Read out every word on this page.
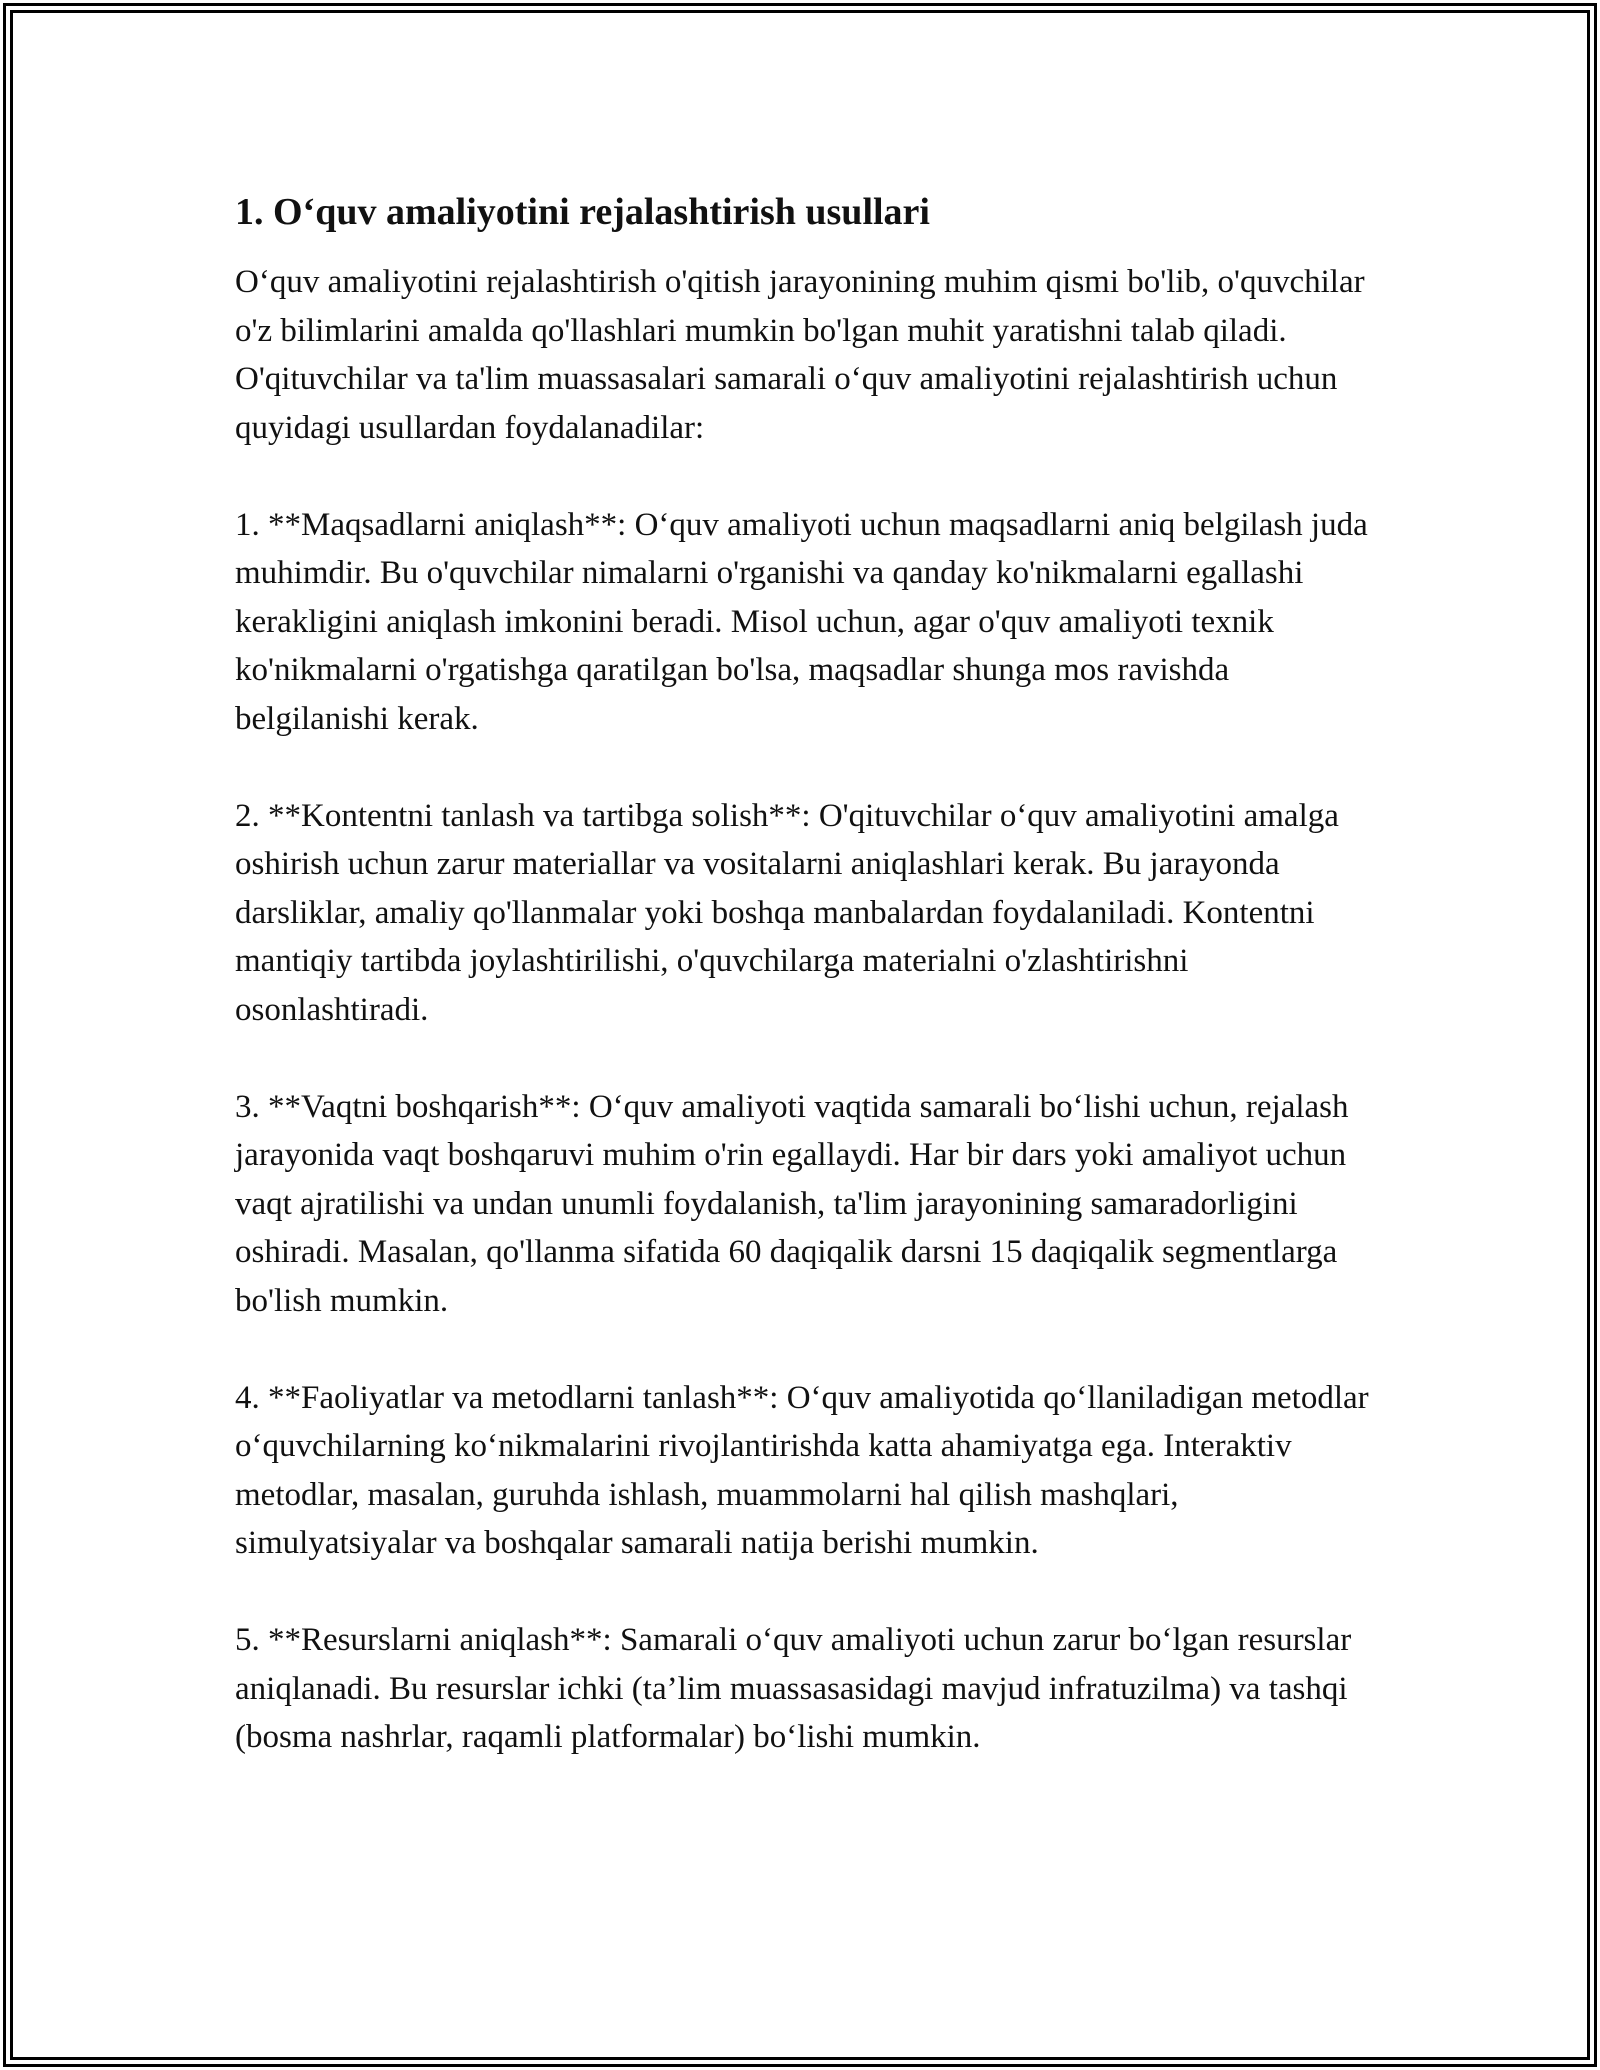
1. O‘quv amaliyotini rejalashtirish usullari

O‘quv amaliyotini rejalashtirish o'qitish jarayonining muhim qismi bo'lib, o'quvchilar o'z bilimlarini amalda qo'llashlari mumkin bo'lgan muhit yaratishni talab qiladi. O'qituvchilar va ta'lim muassasalari samarali o‘quv amaliyotini rejalashtirish uchun quyidagi usullardan foydalanadilar:

1. **Maqsadlarni aniqlash**: O‘quv amaliyoti uchun maqsadlarni aniq belgilash juda muhimdir. Bu o'quvchilar nimalarni o'rganishi va qanday ko'nikmalarni egallashi kerakligini aniqlash imkonini beradi. Misol uchun, agar o'quv amaliyoti texnik ko'nikmalarni o'rgatishga qaratilgan bo'lsa, maqsadlar shunga mos ravishda belgilanishi kerak.

2. **Kontentni tanlash va tartibga solish**: O'qituvchilar o‘quv amaliyotini amalga oshirish uchun zarur materiallar va vositalarni aniqlashlari kerak. Bu jarayonda darsliklar, amaliy qo'llanmalar yoki boshqa manbalardan foydalaniladi. Kontentni mantiqiy tartibda joylashtirilishi, o'quvchilarga materialni o'zlashtirishni osonlashtiradi.

3. **Vaqtni boshqarish**: O‘quv amaliyoti vaqtida samarali bo‘lishi uchun, rejalash jarayonida vaqt boshqaruvi muhim o'rin egallaydi. Har bir dars yoki amaliyot uchun vaqt ajratilishi va undan unumli foydalanish, ta'lim jarayonining samaradorligini oshiradi. Masalan, qo'llanma sifatida 60 daqiqalik darsni 15 daqiqalik segmentlarga bo'lish mumkin.

4. **Faoliyatlar va metodlarni tanlash**: O‘quv amaliyotida qo‘llaniladigan metodlar o‘quvchilarning ko‘nikmalarini rivojlantirishda katta ahamiyatga ega. Interaktiv metodlar, masalan, guruhda ishlash, muammolarni hal qilish mashqlari, simulyatsiyalar va boshqalar samarali natija berishi mumkin.

5. **Resurslarni aniqlash**: Samarali o‘quv amaliyoti uchun zarur bo‘lgan resurslar aniqlanadi. Bu resurslar ichki (ta’lim muassasasidagi mavjud infratuzilma) va tashqi (bosma nashrlar, raqamli platformalar) bo‘lishi mumkin.
